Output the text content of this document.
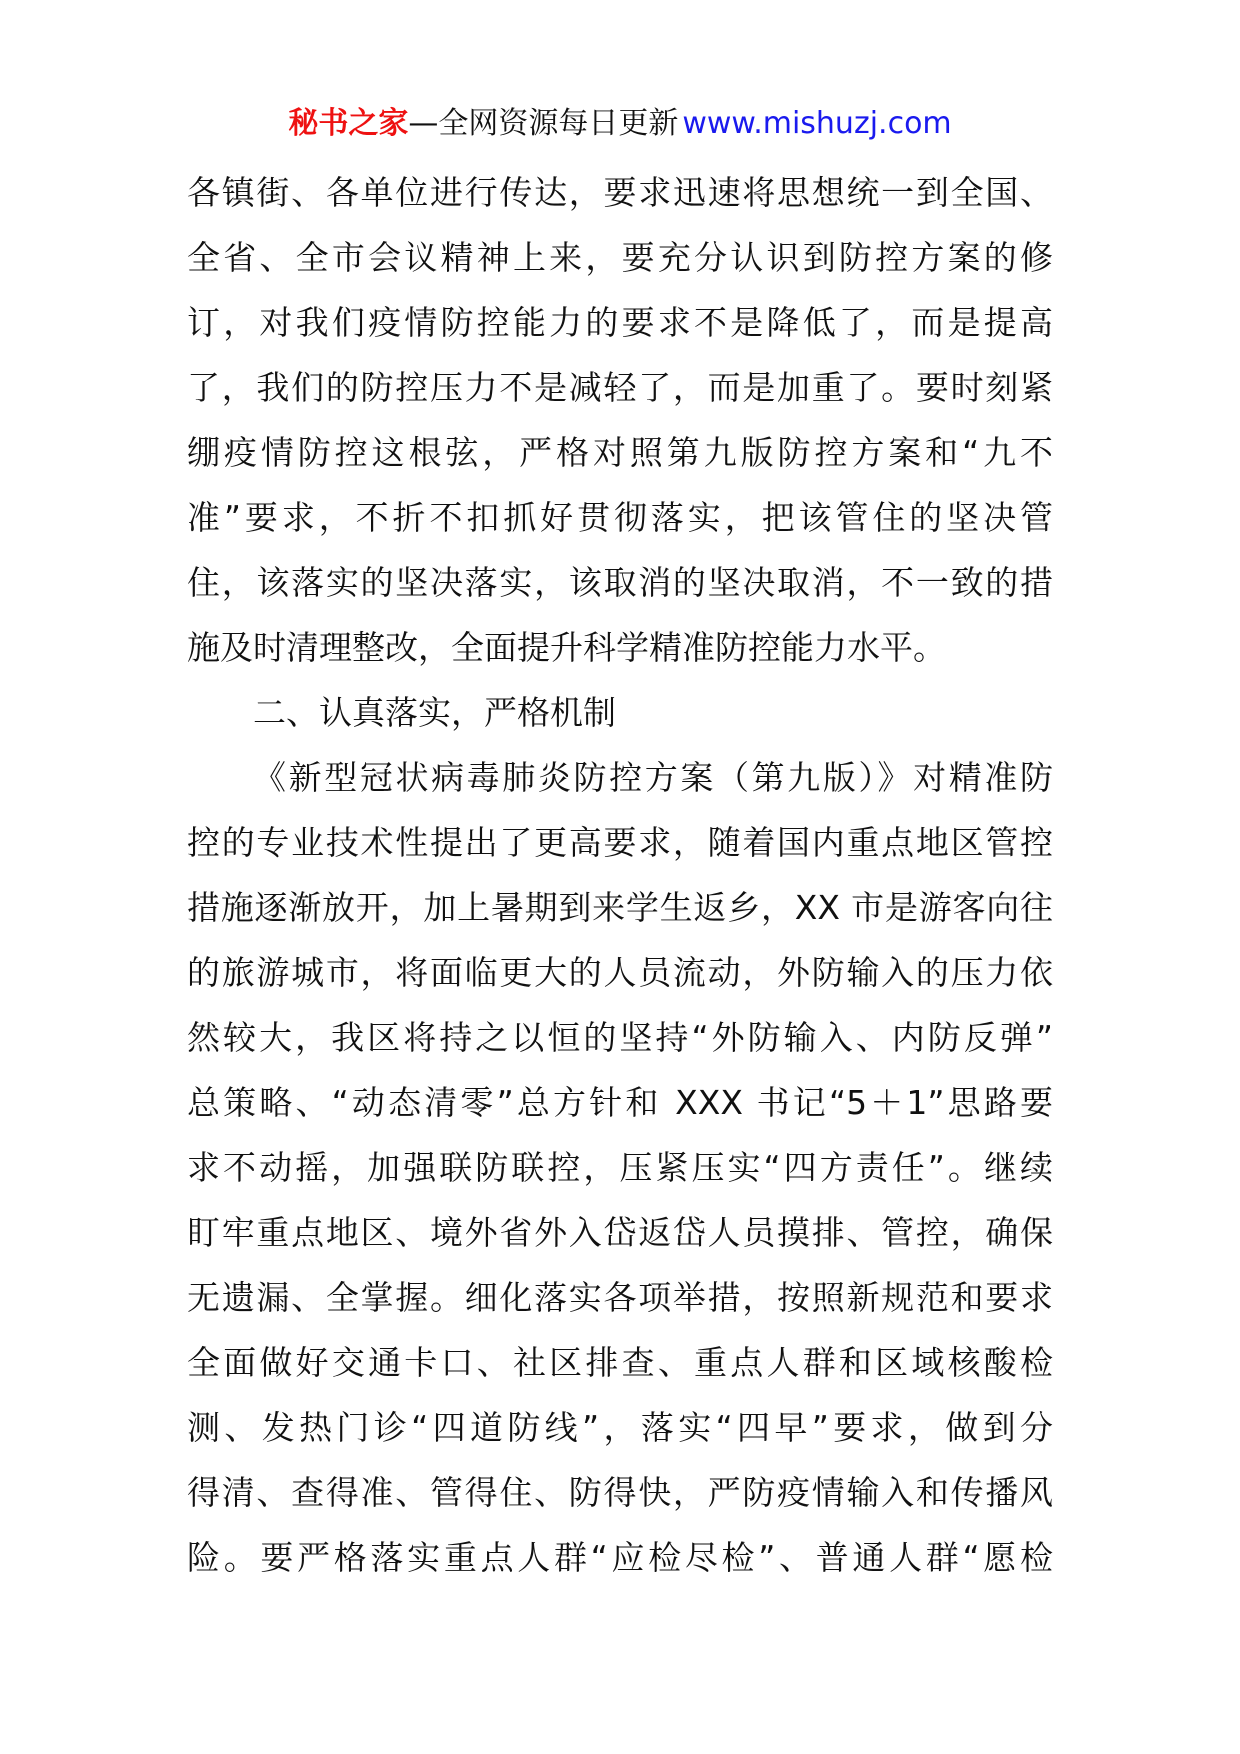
秘书之家—全网资源每日更新 www.mishuzj.com
各镇街、各单位进行传达，要求迅速将思想统一到全国、
全省、全市会议精神上来，要充分认识到防控方案的修
订，对我们疫情防控能力的要求不是降低了，而是提高
了，我们的防控压力不是减轻了，而是加重了。要时刻紧
绷疫情防控这根弦，严格对照第九版防控方案和“九不
准”要求，不折不扣抓好贯彻落实，把该管住的坚决管
住，该落实的坚决落实，该取消的坚决取消，不一致的措
施及时清理整改，全面提升科学精准防控能力水平。
二、认真落实，严格机制
《新型冠状病毒肺炎防控方案（第九版）》对精准防
控的专业技术性提出了更高要求，随着国内重点地区管控
措施逐渐放开，加上暑期到来学生返乡，XX 市是游客向往
的旅游城市，将面临更大的人员流动，外防输入的压力依
然较大，我区将持之以恒的坚持“外防输入、内防反弹”
总策略、“动态清零”总方针和 XXX 书记“5＋1”思路要
求不动摇，加强联防联控，压紧压实“四方责任”。继续
盯牢重点地区、境外省外入岱返岱人员摸排、管控，确保
无遗漏、全掌握。细化落实各项举措，按照新规范和要求
全面做好交通卡口、社区排查、重点人群和区域核酸检
测、发热门诊“四道防线”，落实“四早”要求，做到分
得清、查得准、管得住、防得快，严防疫情输入和传播风
险。要严格落实重点人群“应检尽检”、普通人群“愿检
